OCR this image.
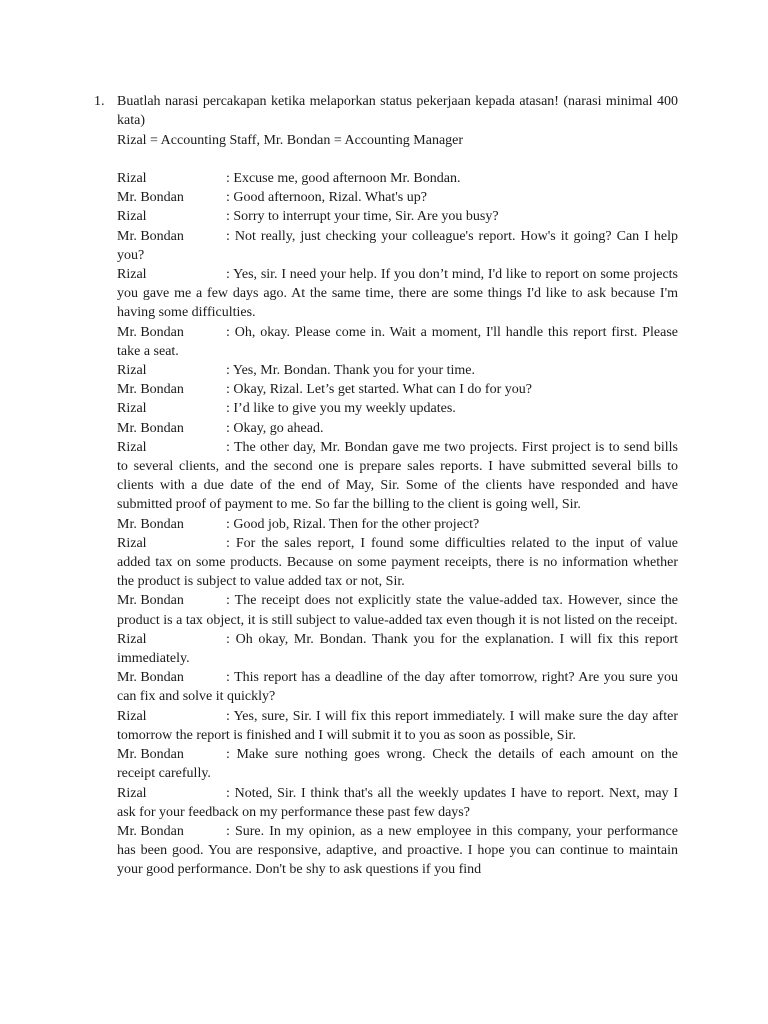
1. Buatlah narasi percakapan ketika melaporkan status pekerjaan kepada atasan! (narasi minimal 400 kata)
Rizal = Accounting Staff, Mr. Bondan = Accounting Manager
Rizal	: Excuse me, good afternoon Mr. Bondan.
Mr. Bondan	: Good afternoon, Rizal. What's up?
Rizal	: Sorry to interrupt your time, Sir. Are you busy?
Mr. Bondan	: Not really, just checking your colleague's report. How's it going? Can I help you?
Rizal	: Yes, sir. I need your help. If you don’t mind, I'd like to report on some projects you gave me a few days ago. At the same time, there are some things I'd like to ask because I'm having some difficulties.
Mr. Bondan	: Oh, okay. Please come in. Wait a moment, I'll handle this report first. Please take a seat.
Rizal	: Yes, Mr. Bondan. Thank you for your time.
Mr. Bondan	: Okay, Rizal. Let’s get started. What can I do for you?
Rizal	: I’d like to give you my weekly updates.
Mr. Bondan	: Okay, go ahead.
Rizal	: The other day, Mr. Bondan gave me two projects. First project is to send bills to several clients, and the second one is prepare sales reports. I have submitted several bills to clients with a due date of the end of May, Sir. Some of the clients have responded and have submitted proof of payment to me. So far the billing to the client is going well, Sir.
Mr. Bondan	: Good job, Rizal. Then for the other project?
Rizal	: For the sales report, I found some difficulties related to the input of value added tax on some products. Because on some payment receipts, there is no information whether the product is subject to value added tax or not, Sir.
Mr. Bondan	: The receipt does not explicitly state the value-added tax. However, since the product is a tax object, it is still subject to value-added tax even though it is not listed on the receipt.
Rizal	: Oh okay, Mr. Bondan. Thank you for the explanation. I will fix this report immediately.
Mr. Bondan	: This report has a deadline of the day after tomorrow, right? Are you sure you can fix and solve it quickly?
Rizal	: Yes, sure, Sir. I will fix this report immediately. I will make sure the day after tomorrow the report is finished and I will submit it to you as soon as possible, Sir.
Mr. Bondan	: Make sure nothing goes wrong. Check the details of each amount on the receipt carefully.
Rizal	: Noted, Sir. I think that's all the weekly updates I have to report. Next, may I ask for your feedback on my performance these past few days?
Mr. Bondan	: Sure. In my opinion, as a new employee in this company, your performance has been good. You are responsive, adaptive, and proactive. I hope you can continue to maintain your good performance. Don't be shy to ask questions if you find
